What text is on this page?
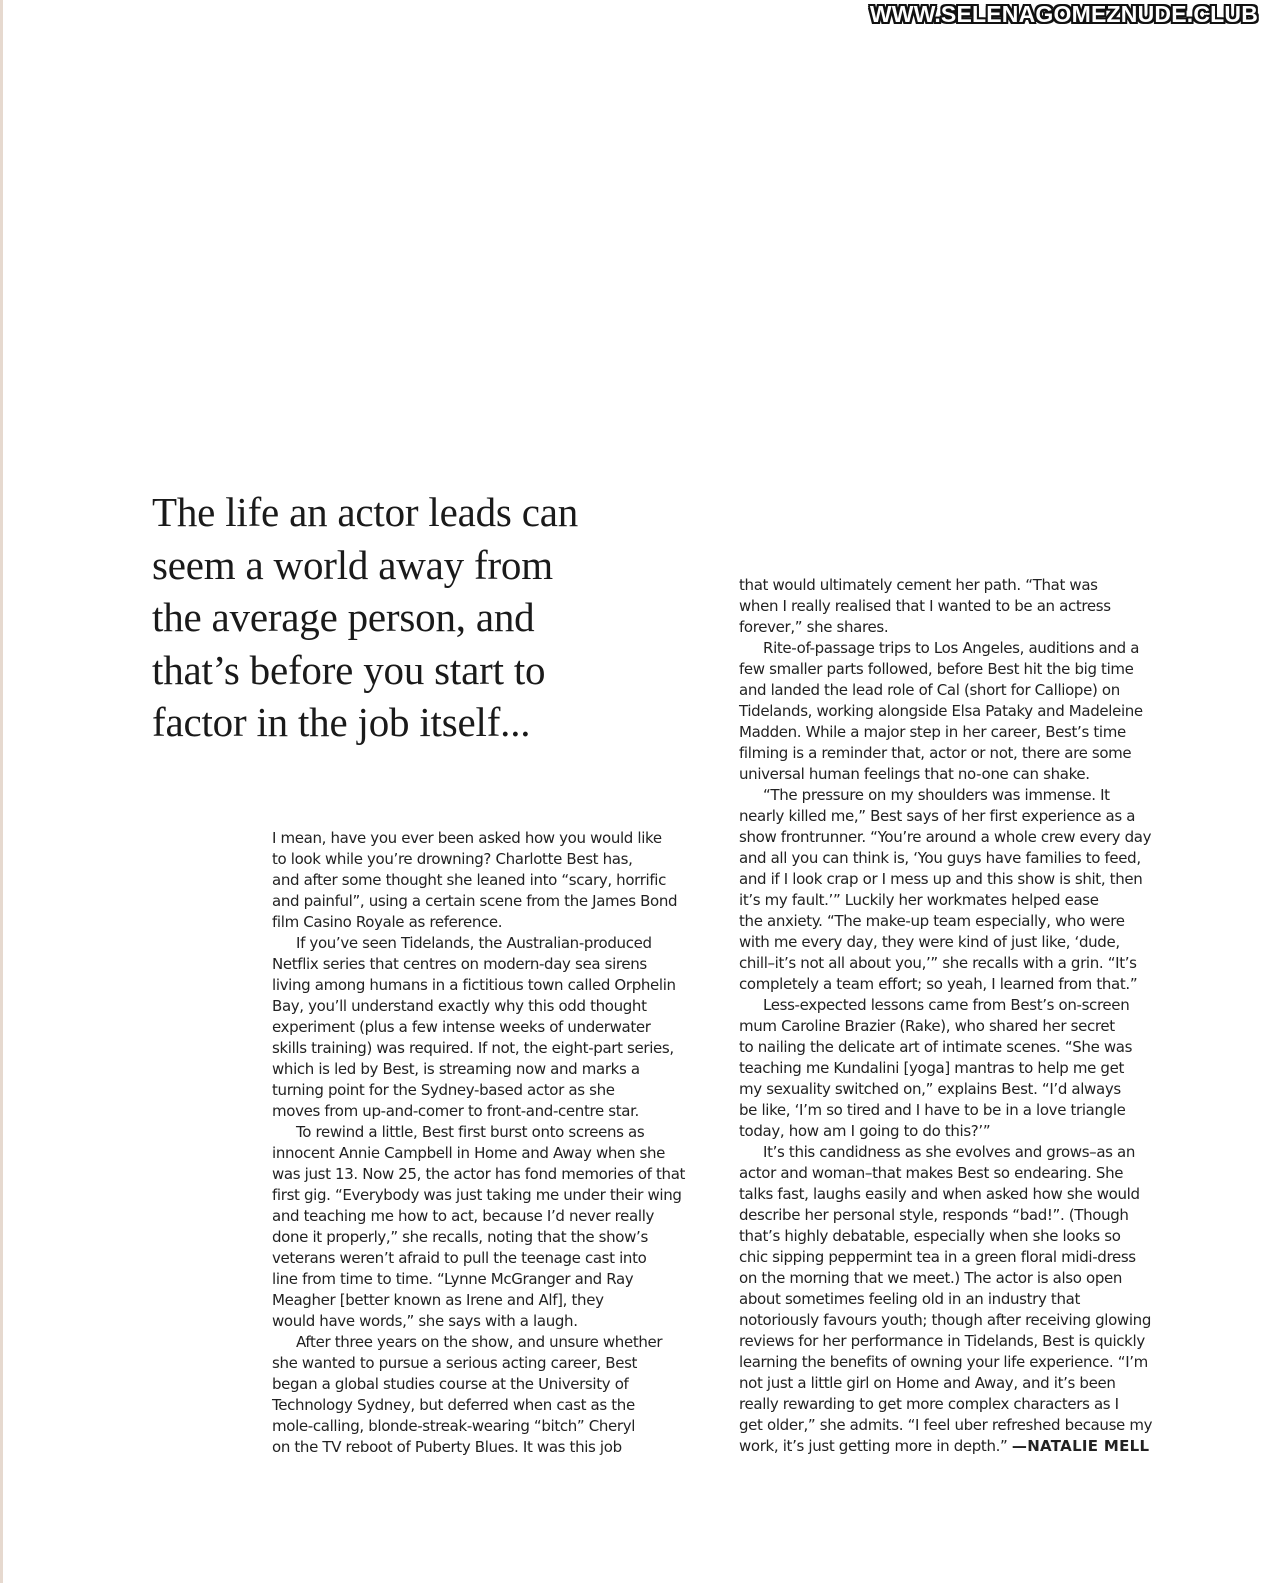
WWW.SELENAGOMEZNUDE.CLUB
The life an actor leads can
seem a world away from
the average person, and
that’s before you start to
factor in the job itself...
I mean, have you ever been asked how you would like
to look while you’re drowning? Charlotte Best has,
and after some thought she leaned into “scary, horrific
and painful”, using a certain scene from the James Bond
film Casino Royale as reference.
If you’ve seen Tidelands, the Australian-produced
Netflix series that centres on modern-day sea sirens
living among humans in a fictitious town called Orphelin
Bay, you’ll understand exactly why this odd thought
experiment (plus a few intense weeks of underwater
skills training) was required. If not, the eight-part series,
which is led by Best, is streaming now and marks a
turning point for the Sydney-based actor as she
moves from up-and-comer to front-and-centre star.
To rewind a little, Best first burst onto screens as
innocent Annie Campbell in Home and Away when she
was just 13. Now 25, the actor has fond memories of that
first gig. “Everybody was just taking me under their wing
and teaching me how to act, because I’d never really
done it properly,” she recalls, noting that the show’s
veterans weren’t afraid to pull the teenage cast into
line from time to time. “Lynne McGranger and Ray
Meagher [better known as Irene and Alf], they
would have words,” she says with a laugh.
After three years on the show, and unsure whether
she wanted to pursue a serious acting career, Best
began a global studies course at the University of
Technology Sydney, but deferred when cast as the
mole-calling, blonde-streak-wearing “bitch” Cheryl
on the TV reboot of Puberty Blues. It was this job
that would ultimately cement her path. “That was
when I really realised that I wanted to be an actress
forever,” she shares.
Rite-of-passage trips to Los Angeles, auditions and a
few smaller parts followed, before Best hit the big time
and landed the lead role of Cal (short for Calliope) on
Tidelands, working alongside Elsa Pataky and Madeleine
Madden. While a major step in her career, Best’s time
filming is a reminder that, actor or not, there are some
universal human feelings that no-one can shake.
“The pressure on my shoulders was immense. It
nearly killed me,” Best says of her first experience as a
show frontrunner. “You’re around a whole crew every day
and all you can think is, ‘You guys have families to feed,
and if I look crap or I mess up and this show is shit, then
it’s my fault.’” Luckily her workmates helped ease
the anxiety. “The make-up team especially, who were
with me every day, they were kind of just like, ‘dude,
chill–it’s not all about you,’” she recalls with a grin. “It’s
completely a team effort; so yeah, I learned from that.”
Less-expected lessons came from Best’s on-screen
mum Caroline Brazier (Rake), who shared her secret
to nailing the delicate art of intimate scenes. “She was
teaching me Kundalini [yoga] mantras to help me get
my sexuality switched on,” explains Best. “I’d always
be like, ‘I’m so tired and I have to be in a love triangle
today, how am I going to do this?’”
It’s this candidness as she evolves and grows–as an
actor and woman–that makes Best so endearing. She
talks fast, laughs easily and when asked how she would
describe her personal style, responds “bad!”. (Though
that’s highly debatable, especially when she looks so
chic sipping peppermint tea in a green floral midi-dress
on the morning that we meet.) The actor is also open
about sometimes feeling old in an industry that
notoriously favours youth; though after receiving glowing
reviews for her performance in Tidelands, Best is quickly
learning the benefits of owning your life experience. “I’m
not just a little girl on Home and Away, and it’s been
really rewarding to get more complex characters as I
get older,” she admits. “I feel uber refreshed because my
work, it’s just getting more in depth.” —NATALIE MELL
